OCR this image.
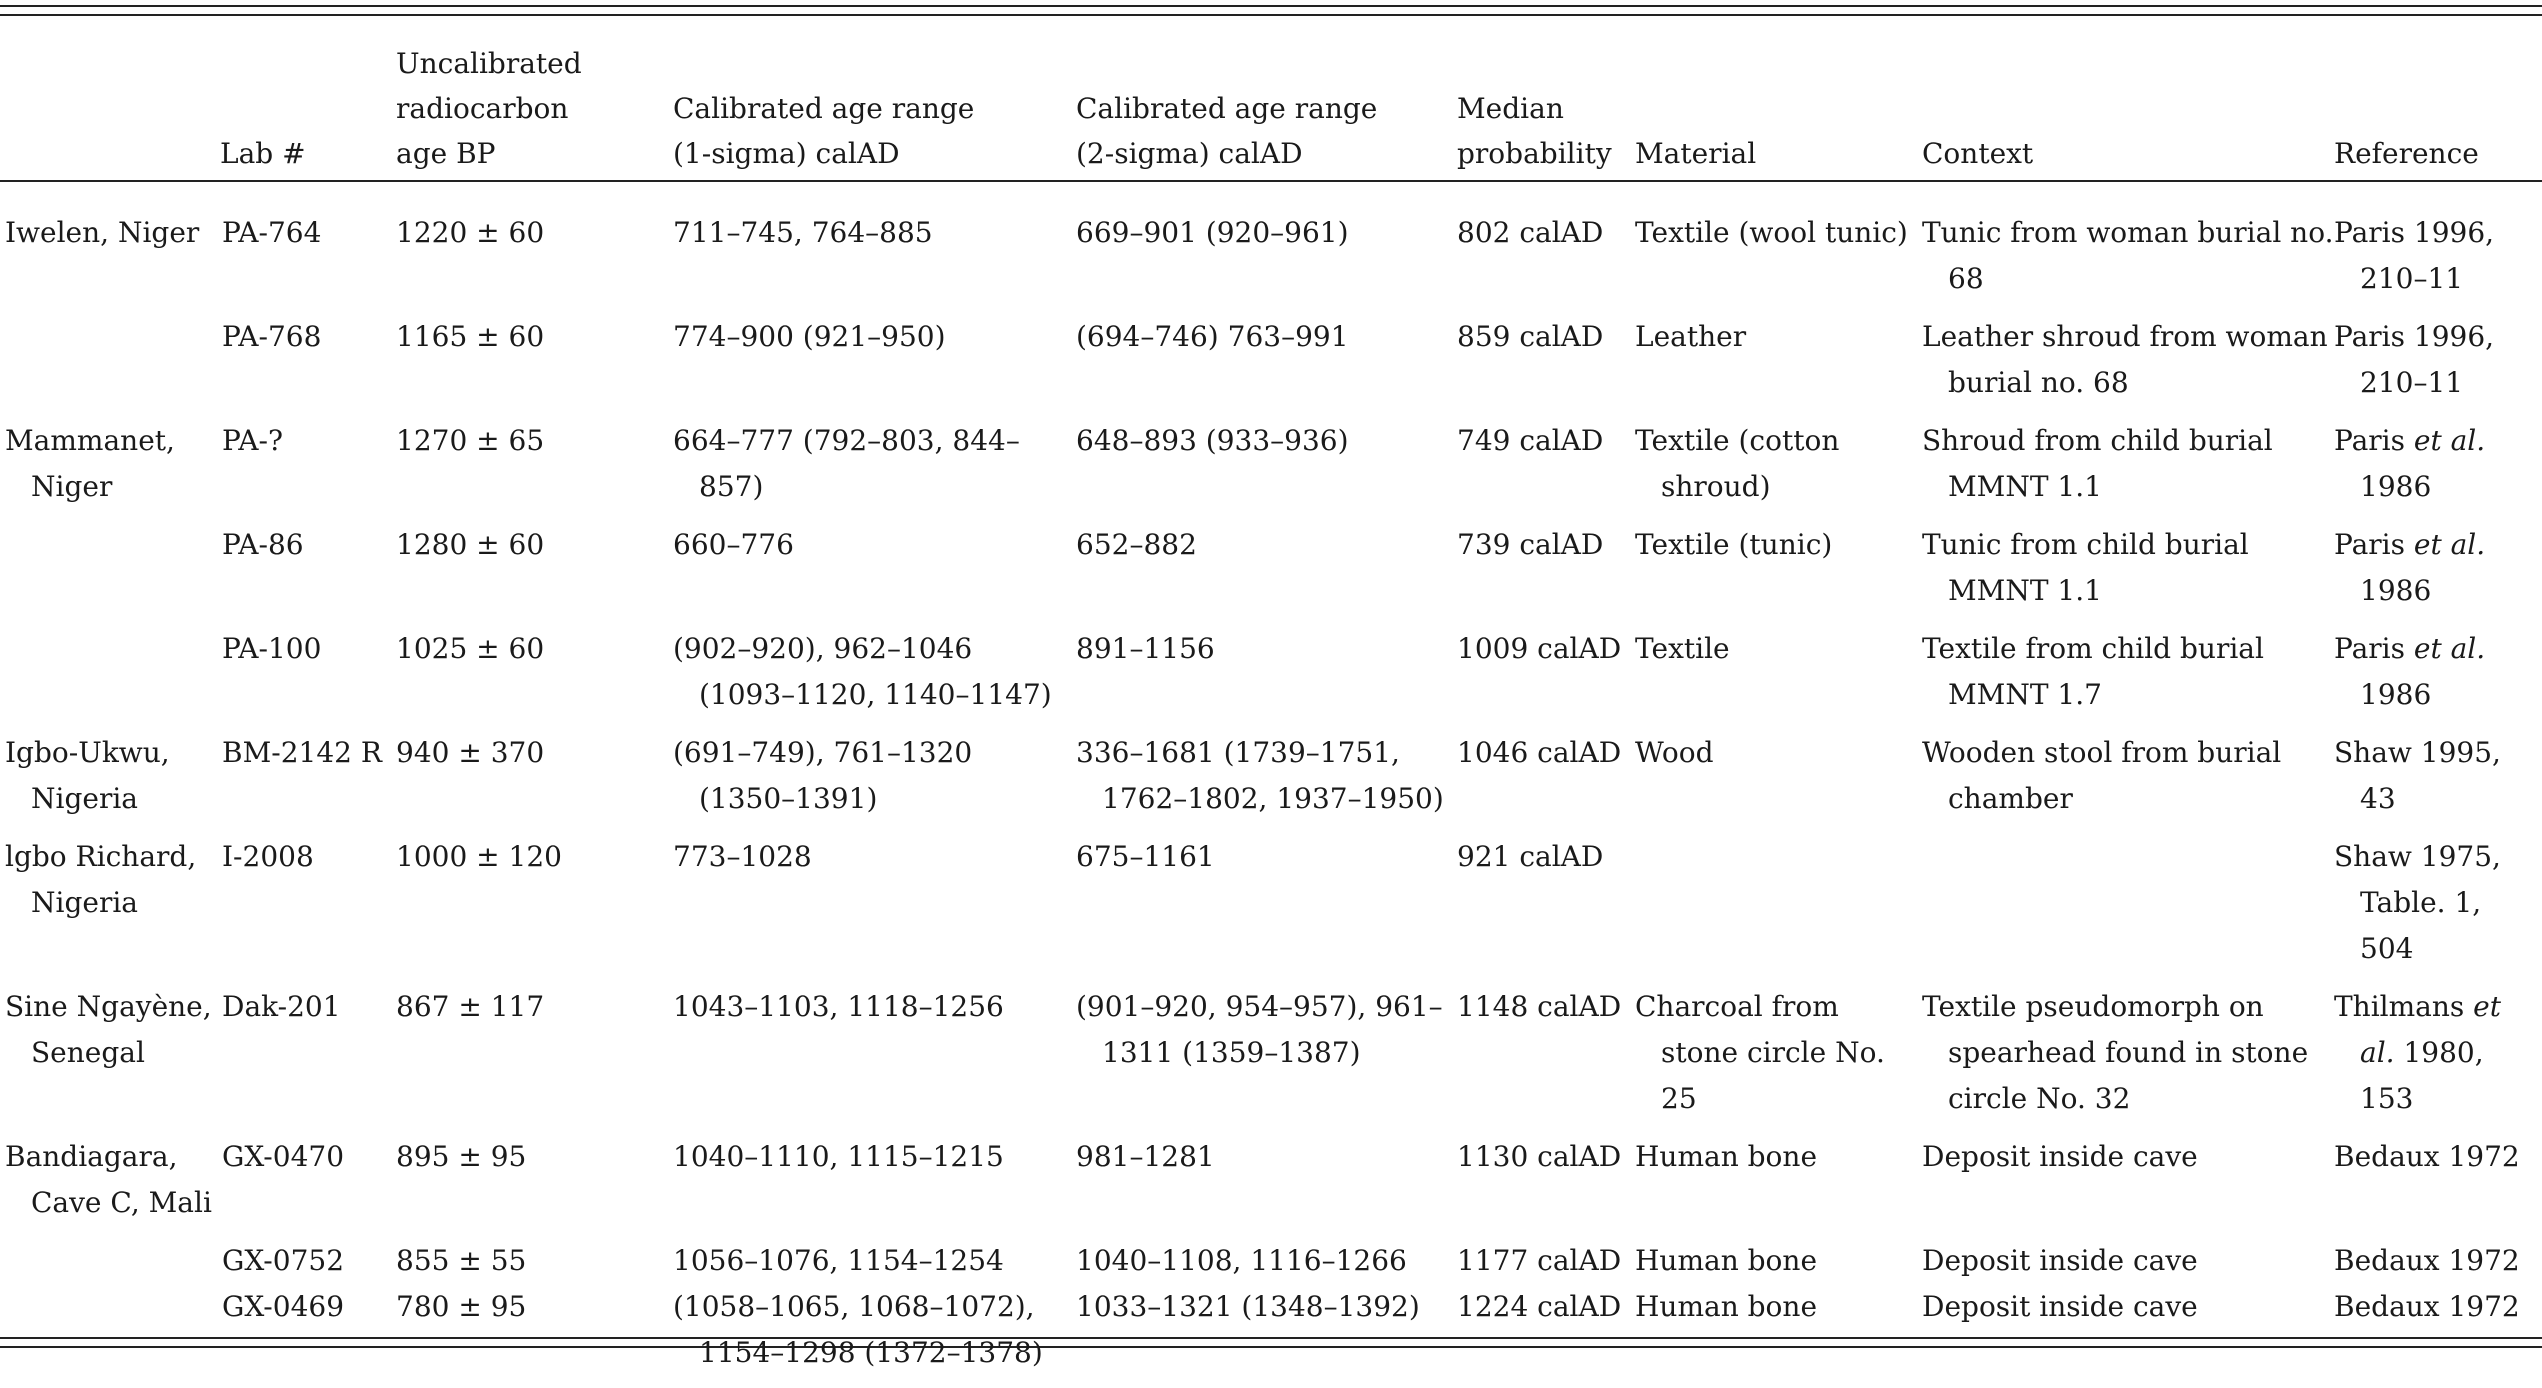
	Lab #	Uncalibrated
radiocarbon
age BP	Calibrated age range
(1-sigma) calAD	Calibrated age range
(2-sigma) calAD	Median
probability	Material	Context	Reference

Iwelen, Niger	PA-764	1220 ± 60	711–745, 764–885	669–901 (920–961)	802 calAD	Textile (wool tunic)	Tunic from woman burial no. 68	Paris 1996, 210–11

	PA-768	1165 ± 60	774–900 (921–950)	(694–746) 763–991	859 calAD	Leather	Leather shroud from woman burial no. 68	Paris 1996, 210–11

Mammanet, Niger	PA-?	1270 ± 65	664–777 (792–803, 844–857)	648–893 (933–936)	749 calAD	Textile (cotton shroud)	Shroud from child burial MMNT 1.1	Paris et al. 1986

	PA-86	1280 ± 60	660–776	652–882	739 calAD	Textile (tunic)	Tunic from child burial MMNT 1.1	Paris et al. 1986

	PA-100	1025 ± 60	(902–920), 962–1046 (1093–1120, 1140–1147)	891–1156	1009 calAD	Textile	Textile from child burial MMNT 1.7	Paris et al. 1986

Igbo-Ukwu, Nigeria	BM-2142 R	940 ± 370	(691–749), 761–1320 (1350–1391)	336–1681 (1739–1751, 1762–1802, 1937–1950)	1046 calAD	Wood	Wooden stool from burial chamber	Shaw 1995, 43

lgbo Richard, Nigeria	I-2008	1000 ± 120	773–1028	675–1161	921 calAD			Shaw 1975, Table. 1, 504

Sine Ngayène, Senegal	Dak-201	867 ± 117	1043–1103, 1118–1256	(901–920, 954–957), 961–1311 (1359–1387)	1148 calAD	Charcoal from stone circle No. 25	Textile pseudomorph on spearhead found in stone circle No. 32	Thilmans et al. 1980, 153

Bandiagara, Cave C, Mali	GX-0470	895 ± 95	1040–1110, 1115–1215	981–1281	1130 calAD	Human bone	Deposit inside cave	Bedaux 1972

	GX-0752	855 ± 55	1056–1076, 1154–1254	1040–1108, 1116–1266	1177 calAD	Human bone	Deposit inside cave	Bedaux 1972

	GX-0469	780 ± 95	(1058–1065, 1068–1072), 1154–1298 (1372–1378)	1033–1321 (1348–1392)	1224 calAD	Human bone	Deposit inside cave	Bedaux 1972
